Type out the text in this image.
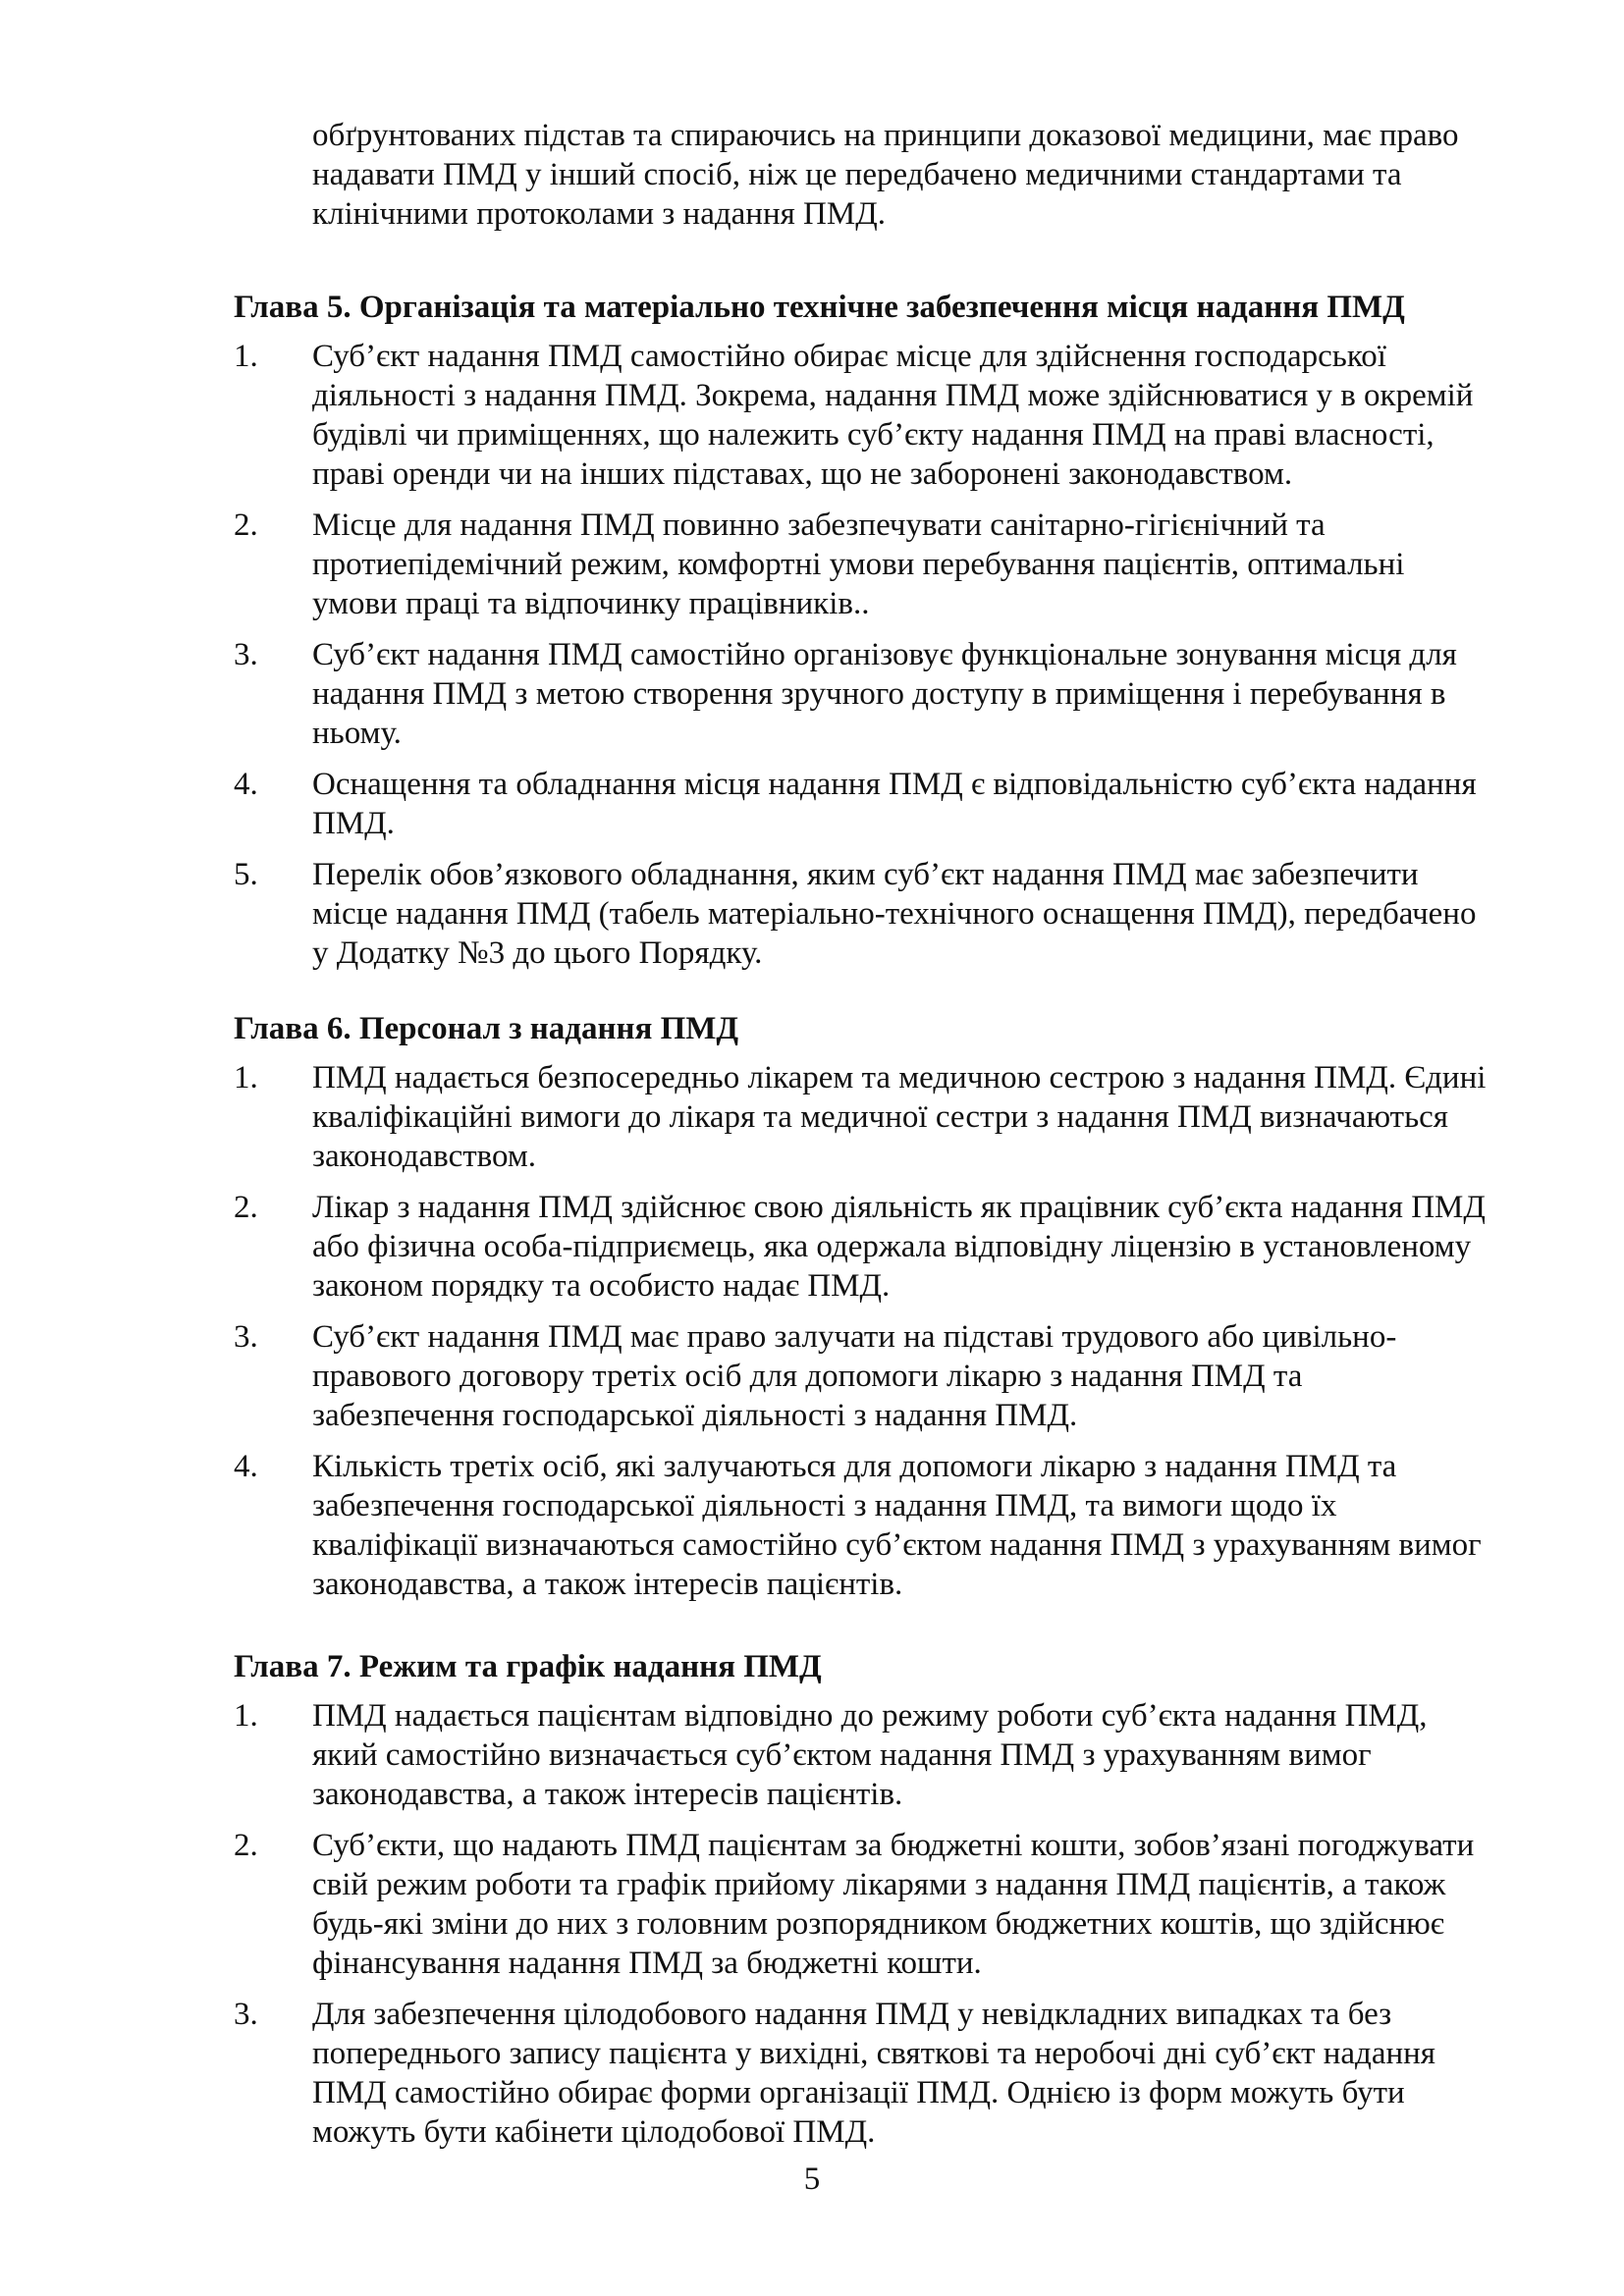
обґрунтованих підстав та спираючись на принципи доказової медицини, має право надавати ПМД у інший спосіб, ніж це передбачено медичними стандартами та клінічними протоколами з надання ПМД.

Глава 5. Організація та матеріально технічне забезпечення місця надання ПМД

1.	Суб’єкт надання ПМД самостійно обирає місце для здійснення господарської діяльності з надання ПМД. Зокрема, надання ПМД може здійснюватися у в окремій будівлі чи приміщеннях, що належить суб’єкту надання ПМД на праві власності, праві оренди чи на інших підставах, що не заборонені законодавством.
2.	Місце для надання ПМД повинно забезпечувати санітарно-гігієнічний та протиепідемічний режим, комфортні умови перебування пацієнтів, оптимальні умови праці та відпочинку працівників..
3.	Суб’єкт надання ПМД самостійно організовує функціональне зонування місця для надання ПМД з метою створення зручного доступу в приміщення і перебування в ньому.
4.	Оснащення та обладнання місця надання ПМД є відповідальністю суб’єкта надання ПМД.
5.	Перелік обов’язкового обладнання, яким суб’єкт надання ПМД має забезпечити місце надання ПМД (табель матеріально-технічного оснащення ПМД), передбачено у Додатку №3 до цього Порядку.

Глава 6. Персонал з надання ПМД

1.	ПМД надається безпосередньо лікарем та медичною сестрою з надання ПМД. Єдині кваліфікаційні вимоги до лікаря та медичної сестри з надання ПМД визначаються законодавством.
2.	Лікар з надання ПМД здійснює свою діяльність як працівник суб’єкта надання ПМД або фізична особа-підприємець, яка одержала відповідну ліцензію в установленому законом порядку та особисто надає ПМД.
3.	Суб’єкт надання ПМД має право залучати на підставі трудового або цивільно-правового договору третіх осіб для допомоги лікарю з надання ПМД та забезпечення господарської діяльності з надання ПМД.
4.	Кількість третіх осіб, які залучаються для допомоги лікарю з надання ПМД та забезпечення господарської діяльності з надання ПМД, та вимоги щодо їх кваліфікації визначаються самостійно суб’єктом надання ПМД з урахуванням вимог законодавства, а також інтересів пацієнтів.

Глава 7. Режим та графік надання ПМД

1.	ПМД надається пацієнтам відповідно до режиму роботи суб’єкта надання ПМД, який самостійно визначається суб’єктом надання ПМД з урахуванням вимог законодавства, а також інтересів пацієнтів.
2.	Суб’єкти, що надають ПМД пацієнтам за бюджетні кошти, зобов’язані погоджувати свій режим роботи та графік прийому лікарями з надання ПМД пацієнтів, а також будь-які зміни до них з головним розпорядником бюджетних коштів, що здійснює фінансування надання ПМД за бюджетні кошти.
3.	Для забезпечення цілодобового надання ПМД у невідкладних випадках та без попереднього запису пацієнта у вихідні, святкові та неробочі дні суб’єкт надання ПМД самостійно обирає форми організації ПМД. Однією із форм можуть бути можуть бути кабінети цілодобової ПМД.
5
